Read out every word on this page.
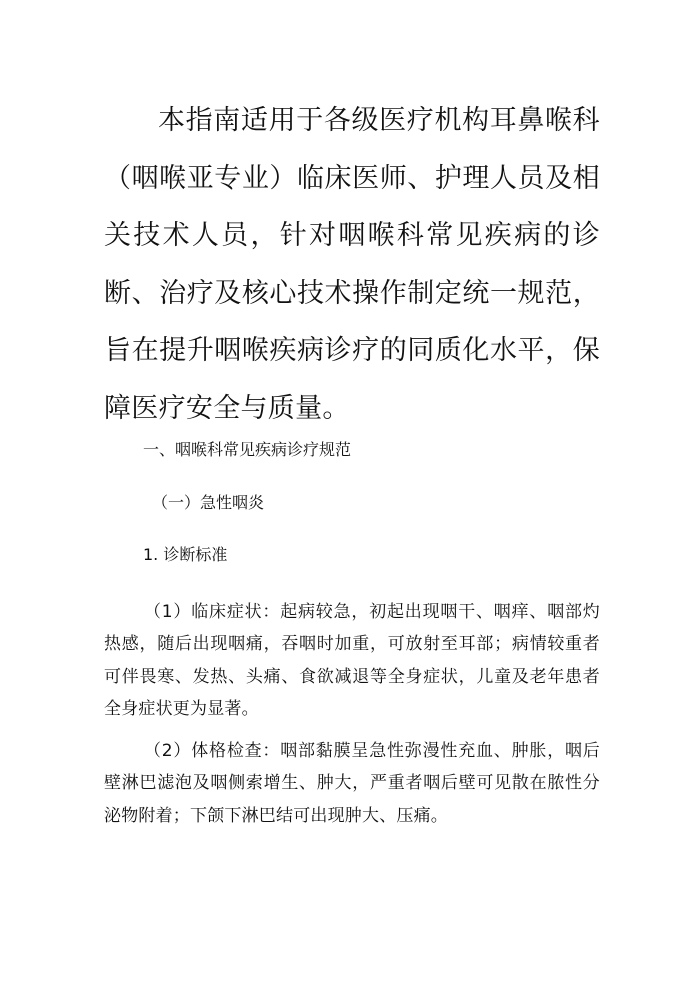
本指南适用于各级医疗机构耳鼻喉科（咽喉亚专业）临床医师、护理人员及相关技术人员，针对咽喉科常见疾病的诊断、治疗及核心技术操作制定统一规范，旨在提升咽喉疾病诊疗的同质化水平，保障医疗安全与质量。

一、咽喉科常见疾病诊疗规范
（一）急性咽炎
1. 诊断标准

（1）临床症状：起病较急，初起出现咽干、咽痒、咽部灼热感，随后出现咽痛，吞咽时加重，可放射至耳部；病情较重者可伴畏寒、发热、头痛、食欲减退等全身症状，儿童及老年患者全身症状更为显著。

（2）体格检查：咽部黏膜呈急性弥漫性充血、肿胀，咽后壁淋巴滤泡及咽侧索增生、肿大，严重者咽后壁可见散在脓性分泌物附着；下颌下淋巴结可出现肿大、压痛。
